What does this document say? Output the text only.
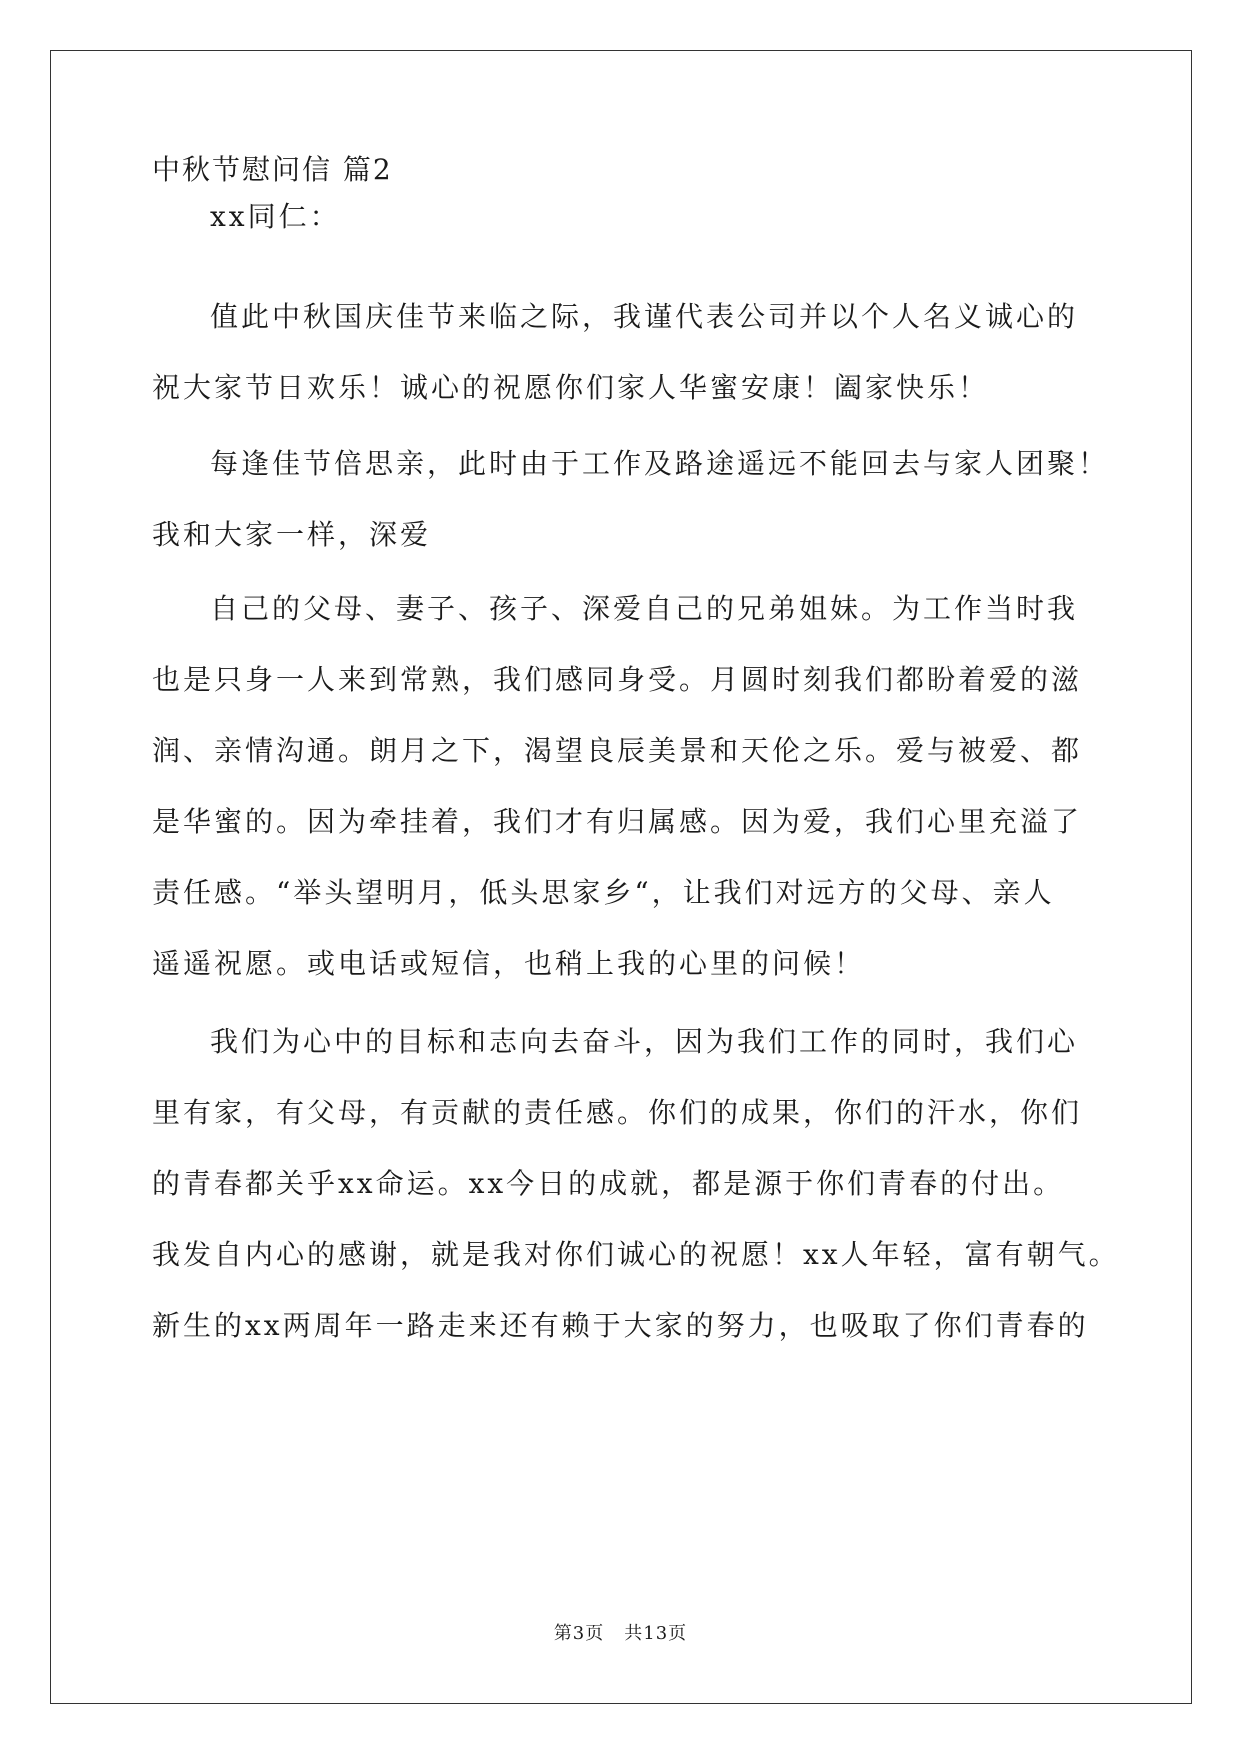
中秋节慰问信 篇2
xx同仁：
值此中秋国庆佳节来临之际，我谨代表公司并以个人名义诚心的
祝大家节日欢乐！诚心的祝愿你们家人华蜜安康！阖家快乐！
每逢佳节倍思亲，此时由于工作及路途遥远不能回去与家人团聚！
我和大家一样，深爱
自己的父母、妻子、孩子、深爱自己的兄弟姐妹。为工作当时我
也是只身一人来到常熟，我们感同身受。月圆时刻我们都盼着爱的滋
润、亲情沟通。朗月之下，渴望良辰美景和天伦之乐。爱与被爱、都
是华蜜的。因为牵挂着，我们才有归属感。因为爱，我们心里充溢了
责任感。“举头望明月，低头思家乡“，让我们对远方的父母、亲人
遥遥祝愿。或电话或短信，也稍上我的心里的问候！
我们为心中的目标和志向去奋斗，因为我们工作的同时，我们心
里有家，有父母，有贡献的责任感。你们的成果，你们的汗水，你们
的青春都关乎xx命运。xx今日的成就，都是源于你们青春的付出。
我发自内心的感谢，就是我对你们诚心的祝愿！xx人年轻，富有朝气。
新生的xx两周年一路走来还有赖于大家的努力，也吸取了你们青春的
第3页 共13页
